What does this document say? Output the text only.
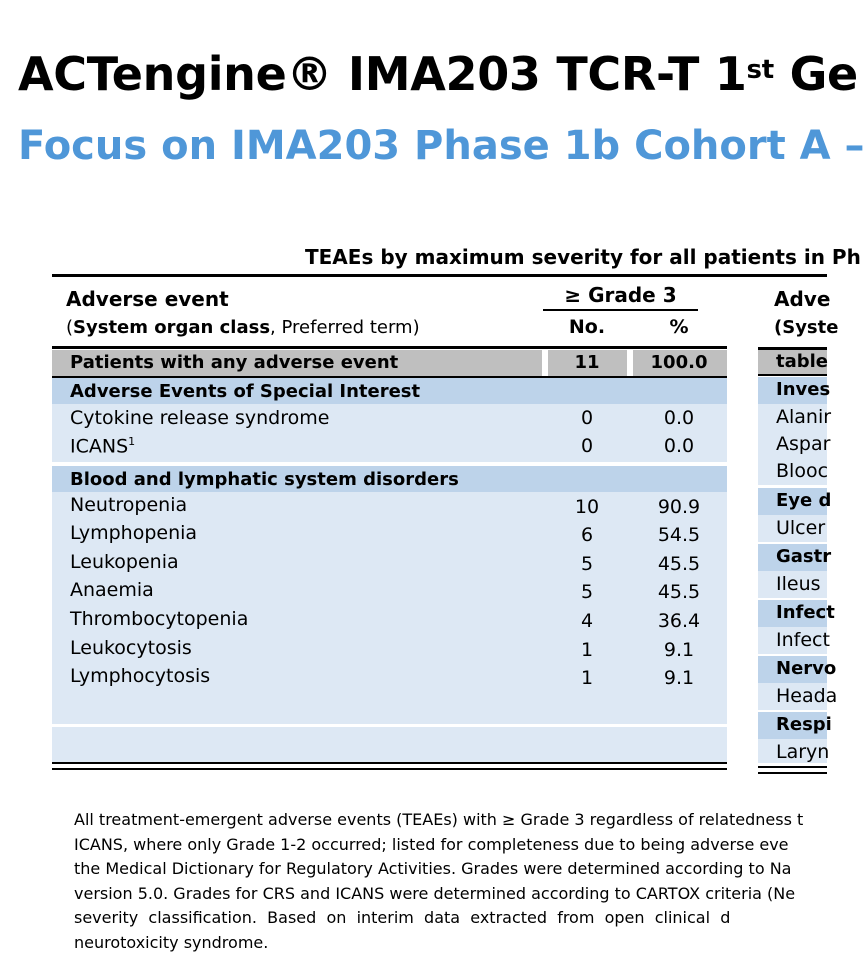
ACTengine® IMA203 TCR-T 1st Ge
Focus on IMA203 Phase 1b Cohort A –
TEAEs by maximum severity for all patients in Ph
Adverse event
(System organ class, Preferred term)
≥ Grade 3
No.	%
Patients with any adverse event	11	100.0
Adverse Events of Special Interest
Cytokine release syndrome	0	0.0
ICANS$^1$	0	0.0
Blood and lymphatic system disorders
Neutropenia	10	90.9
Lymphopenia	6	54.5
Leukopenia	5	45.5
Anaemia	5	45.5
Thrombocytopenia	4	36.4
Leukocytosis	1	9.1
Lymphocytosis	1	9.1
Adve
(Syste
table
Inves
Alanir
Aspar
Blooc
Eye d
Ulcer
Gastr
Ileus
Infect
Infect
Nervo
Heada
Respi
Laryn
All treatment-emergent adverse events (TEAEs) with ≥ Grade 3 regardless of relatedness t
ICANS, where only Grade 1-2 occurred; listed for completeness due to being adverse eve
the Medical Dictionary for Regulatory Activities. Grades were determined according to Na
version 5.0. Grades for CRS and ICANS were determined according to CARTOX criteria (Ne
severity  classification.  Based  on  interim  data  extracted  from  open  clinical  d
neurotoxicity syndrome.
